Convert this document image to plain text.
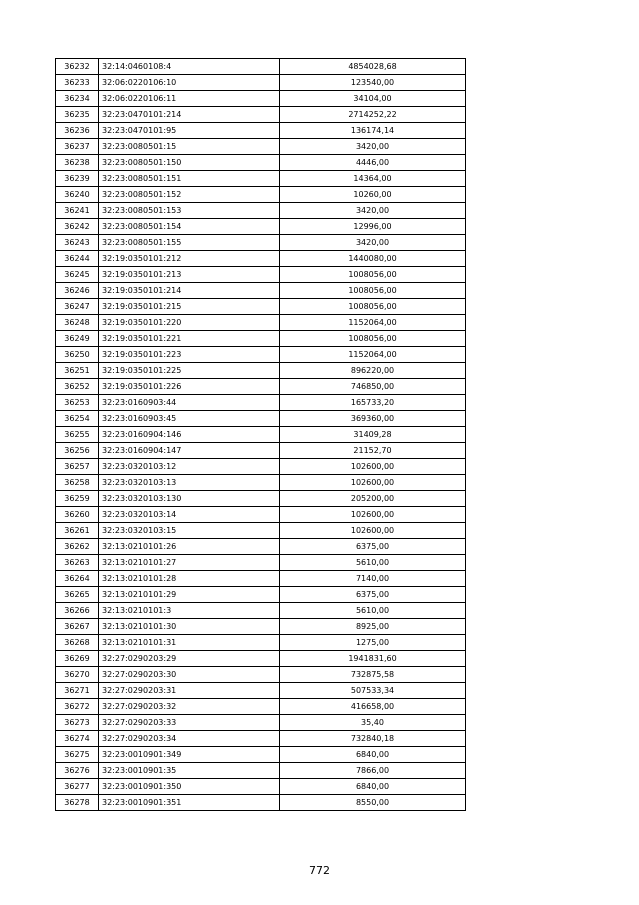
36232	32:14:0460108:4	4854028,68
36233	32:06:0220106:10	123540,00
36234	32:06:0220106:11	34104,00
36235	32:23:0470101:214	2714252,22
36236	32:23:0470101:95	136174,14
36237	32:23:0080501:15	3420,00
36238	32:23:0080501:150	4446,00
36239	32:23:0080501:151	14364,00
36240	32:23:0080501:152	10260,00
36241	32:23:0080501:153	3420,00
36242	32:23:0080501:154	12996,00
36243	32:23:0080501:155	3420,00
36244	32:19:0350101:212	1440080,00
36245	32:19:0350101:213	1008056,00
36246	32:19:0350101:214	1008056,00
36247	32:19:0350101:215	1008056,00
36248	32:19:0350101:220	1152064,00
36249	32:19:0350101:221	1008056,00
36250	32:19:0350101:223	1152064,00
36251	32:19:0350101:225	896220,00
36252	32:19:0350101:226	746850,00
36253	32:23:0160903:44	165733,20
36254	32:23:0160903:45	369360,00
36255	32:23:0160904:146	31409,28
36256	32:23:0160904:147	21152,70
36257	32:23:0320103:12	102600,00
36258	32:23:0320103:13	102600,00
36259	32:23:0320103:130	205200,00
36260	32:23:0320103:14	102600,00
36261	32:23:0320103:15	102600,00
36262	32:13:0210101:26	6375,00
36263	32:13:0210101:27	5610,00
36264	32:13:0210101:28	7140,00
36265	32:13:0210101:29	6375,00
36266	32:13:0210101:3	5610,00
36267	32:13:0210101:30	8925,00
36268	32:13:0210101:31	1275,00
36269	32:27:0290203:29	1941831,60
36270	32:27:0290203:30	732875,58
36271	32:27:0290203:31	507533,34
36272	32:27:0290203:32	416658,00
36273	32:27:0290203:33	35,40
36274	32:27:0290203:34	732840,18
36275	32:23:0010901:349	6840,00
36276	32:23:0010901:35	7866,00
36277	32:23:0010901:350	6840,00
36278	32:23:0010901:351	8550,00
772
